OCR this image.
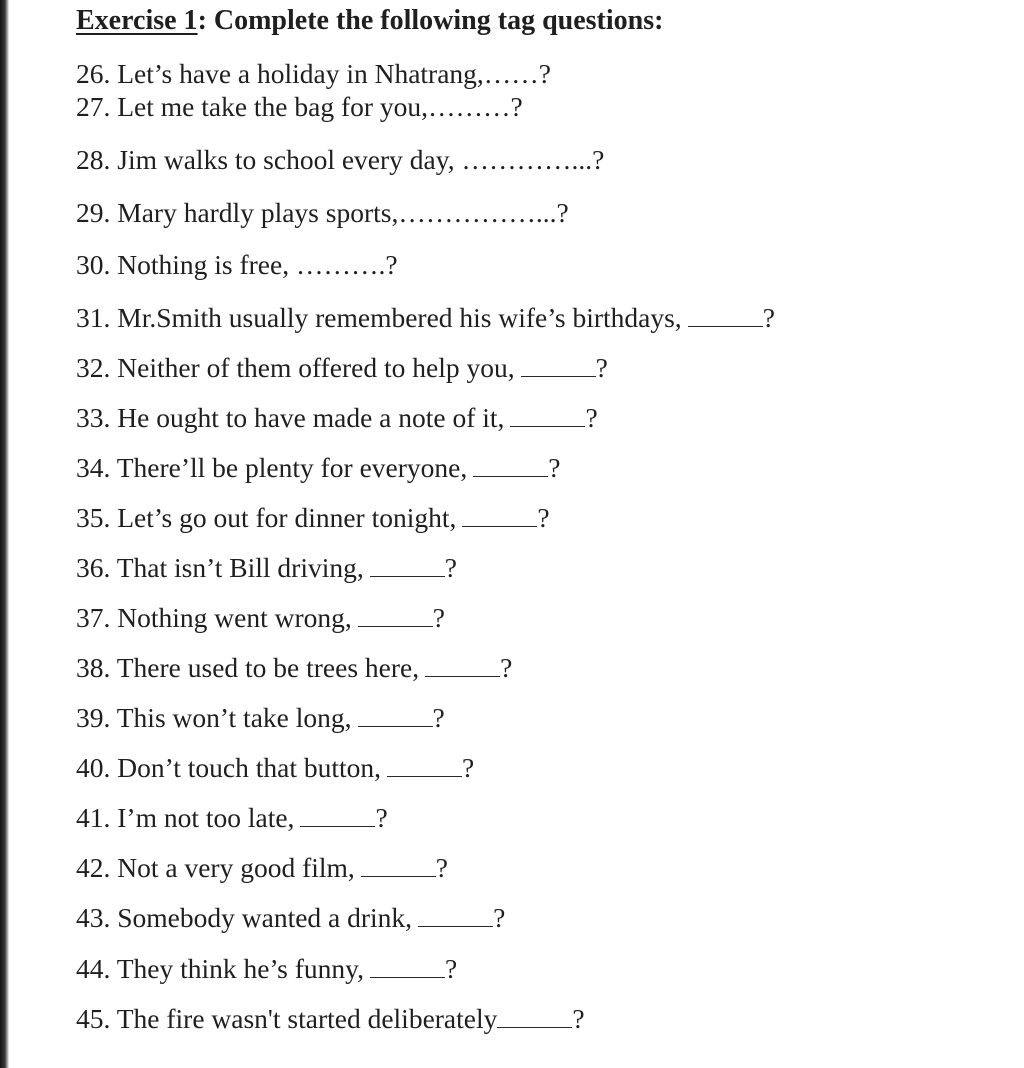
Exercise 1: Complete the following tag questions:
26. Let’s have a holiday in Nhatrang,……?
27. Let me take the bag for you,………?
28. Jim walks to school every day, …………...?
29. Mary hardly plays sports,……………...?
30. Nothing is free, ……….?
31. Mr.Smith usually remembered his wife’s birthdays,	?
32. Neither of them offered to help you,	?
33. He ought to have made a note of it,	?
34. There’ll be plenty for everyone,	?
35. Let’s go out for dinner tonight,	?
36. That isn’t Bill driving,	?
37. Nothing went wrong,	?
38. There used to be trees here,	?
39. This won’t take long,	?
40. Don’t touch that button,	?
41. I’m not too late,	?
42. Not a very good film,	?
43. Somebody wanted a drink,	?
44. They think he’s funny,	?
45. The fire wasn't started deliberately	?
